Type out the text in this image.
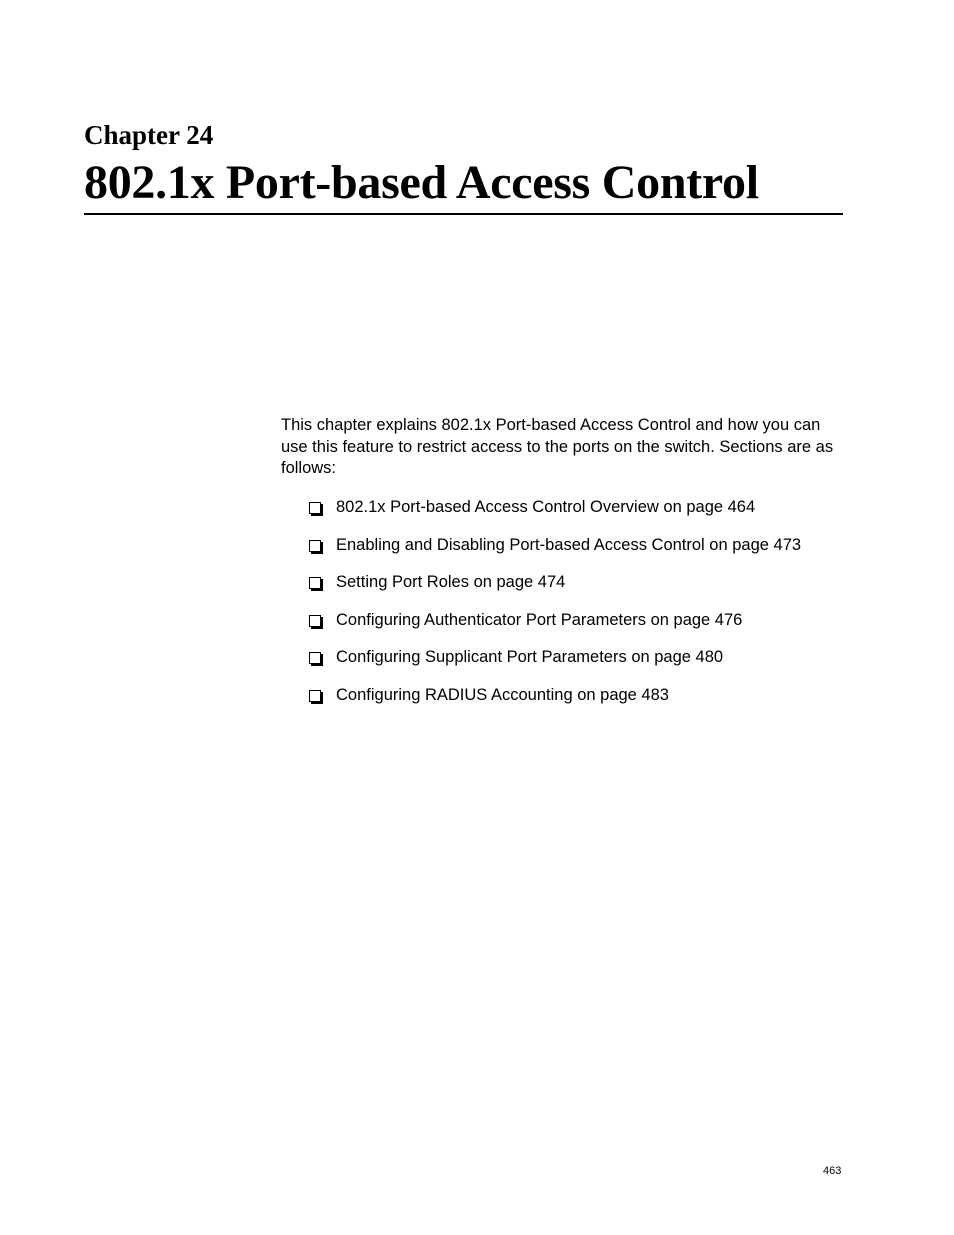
Chapter 24
802.1x Port-based Access Control

This chapter explains 802.1x Port-based Access Control and how you can use this feature to restrict access to the ports on the switch. Sections are as follows:

802.1x Port-based Access Control Overview on page 464
Enabling and Disabling Port-based Access Control on page 473
Setting Port Roles on page 474
Configuring Authenticator Port Parameters on page 476
Configuring Supplicant Port Parameters on page 480
Configuring RADIUS Accounting on page 483
463
